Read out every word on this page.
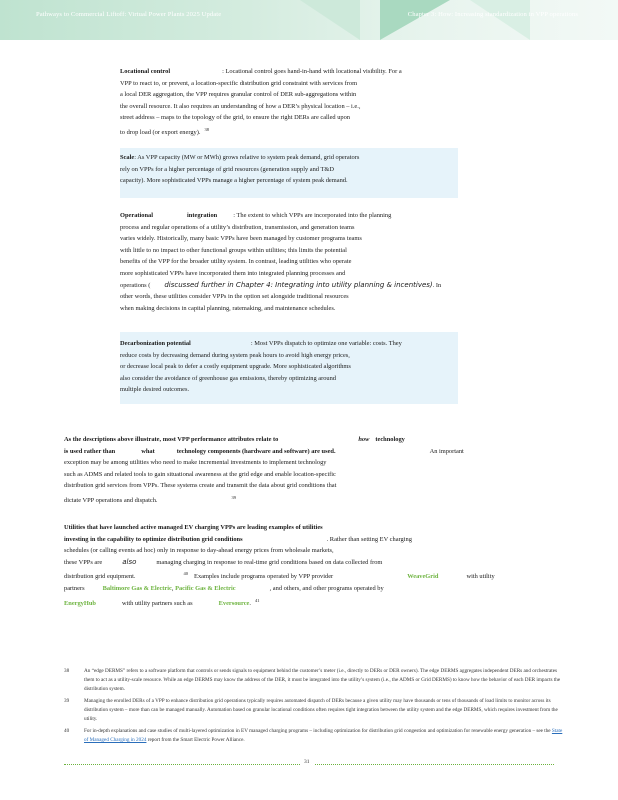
Pathways to Commercial Liftoff: Virtual Power Plants 2025 Update	Chapter 3: How: Increasing standardization in VPP operations

Locational control	: Locational control goes hand-in-hand with locational visibility. For a

VPP to react to, or prevent, a location-specific distribution grid constraint with services from

a local DER aggregation, the VPP requires granular control of DER sub-aggregations within

the overall resource. It also requires an understanding of how a DER’s physical location – i.e.,

street address – maps to the topology of the grid, to ensure the right DERs are called upon

to drop load (or export energy). $^{38}$

Scale: As VPP capacity (MW or MWh) grows relative to system peak demand, grid operators

rely on VPPs for a higher percentage of grid resources (generation supply and T&D

capacity). More sophisticated VPPs manage a higher percentage of system peak demand.

Operational	integration	: The extent to which VPPs are incorporated into the planning

process and regular operations of a utility’s distribution, transmission, and generation teams

varies widely. Historically, many basic VPPs have been managed by customer programs teams

with little to no impact to other functional groups within utilities; this limits the potential

benefits of the VPP for the broader utility system. In contrast, leading utilities who operate

more sophisticated VPPs have incorporated them into integrated planning processes and

operations ( discussed further in Chapter 4: Integrating into utility planning & incentives). In

other words, these utilities consider VPPs in the option set alongside traditional resources

when making decisions in capital planning, ratemaking, and maintenance schedules.

Decarbonization potential	: Most VPPs dispatch to optimize one variable: costs. They

reduce costs by decreasing demand during system peak hours to avoid high energy prices,

or decrease local peak to defer a costly equipment upgrade. More sophisticated algorithms

also consider the avoidance of greenhouse gas emissions, thereby optimizing around

multiple desired outcomes.

As the descriptions above illustrate, most VPP performance attributes relate to	how technology

is used rather than	what	technology components (hardware and software) are used.	An important

exception may be among utilities who need to make incremental investments to implement technology

such as ADMS and related tools to gain situational awareness at the grid edge and enable location-specific

distribution grid services from VPPs. These systems create and transmit the data about grid conditions that

dictate VPP operations and dispatch.	$^{39}$

Utilities that have launched active managed EV charging VPPs are leading examples of utilities

investing in the capability to optimize distribution grid conditions	. Rather than setting EV charging

schedules (or calling events ad hoc) only in response to day-ahead energy prices from wholesale markets,

these VPPs are	also	managing charging in response to real-time grid conditions based on data collected from

distribution grid equipment.	$^{40}$ Examples include programs operated by VPP provider	WeaveGrid	with utility

partners	Baltimore Gas & Electric, Pacific Gas & Electric	, and others, and other programs operated by

EnergyHub	with utility partners such as	Eversource. $^{41}$

38	An “edge DERMS” refers to a software platform that controls or sends signals to equipment behind the customer’s meter (i.e., directly to DERs or DER owners). The edge DERMS aggregates independent DERs and orchestrates them to act as a utility-scale resource. While an edge DERMS may know the address of the DER, it must be integrated into the utility’s system (i.e., the ADMS or Grid DERMS) to know how the behavior of each DER impacts the distribution system.
39	Managing the enrolled DERs of a VPP to enhance distribution grid operations typically requires automated dispatch of DERs because a given utility may have thousands or tens of thousands of load limits to monitor across its distribution system – more than can be managed manually. Automation based on granular locational conditions often requires tight integration between the utility system and the edge DERMS, which requires investment from the utility.
40	For in-depth explanations and case studies of multi-layered optimization in EV managed charging programs – including optimization for distribution grid congestion and optimization for renewable energy generation – see the State of Managed Charging in 2024 report from the Smart Electric Power Alliance.
31
